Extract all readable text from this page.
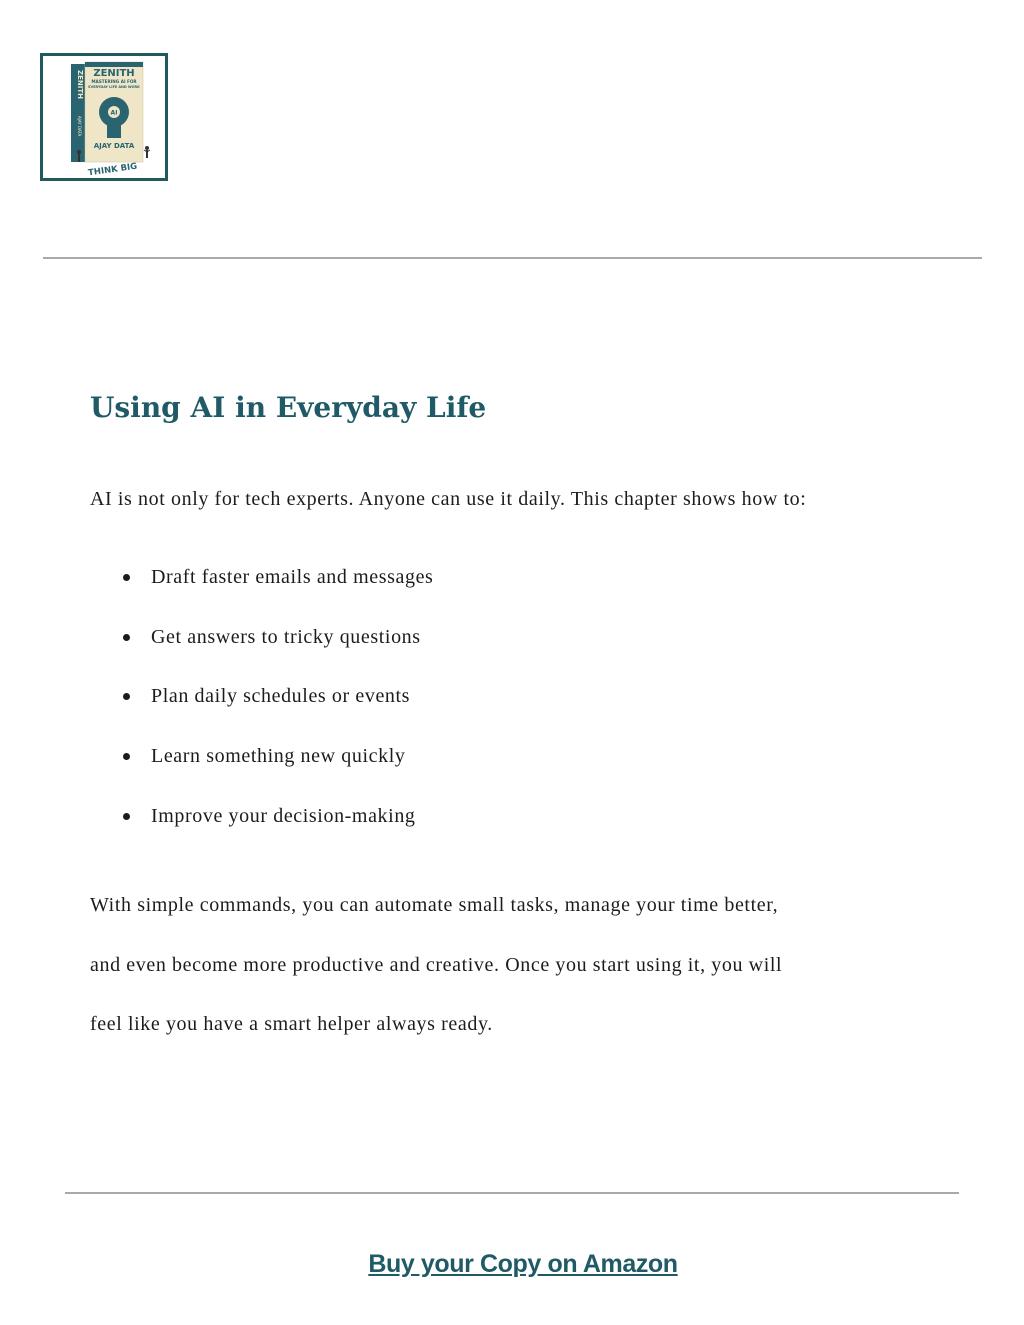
AI
ZENITH
MASTERING AI FOR
EVERYDAY LIFE AND WORK
AJAY DATA
ZENITH
AJAY DATA
THINK BIG
Using AI in Everyday Life

AI is not only for tech experts. Anyone can use it daily. This chapter shows how to:

Draft faster emails and messages
Get answers to tricky questions
Plan daily schedules or events
Learn something new quickly
Improve your decision-making

With simple commands, you can automate small tasks, manage your time better,
and even become more productive and creative. Once you start using it, you will
feel like you have a smart helper always ready.

Buy your Copy on Amazon
